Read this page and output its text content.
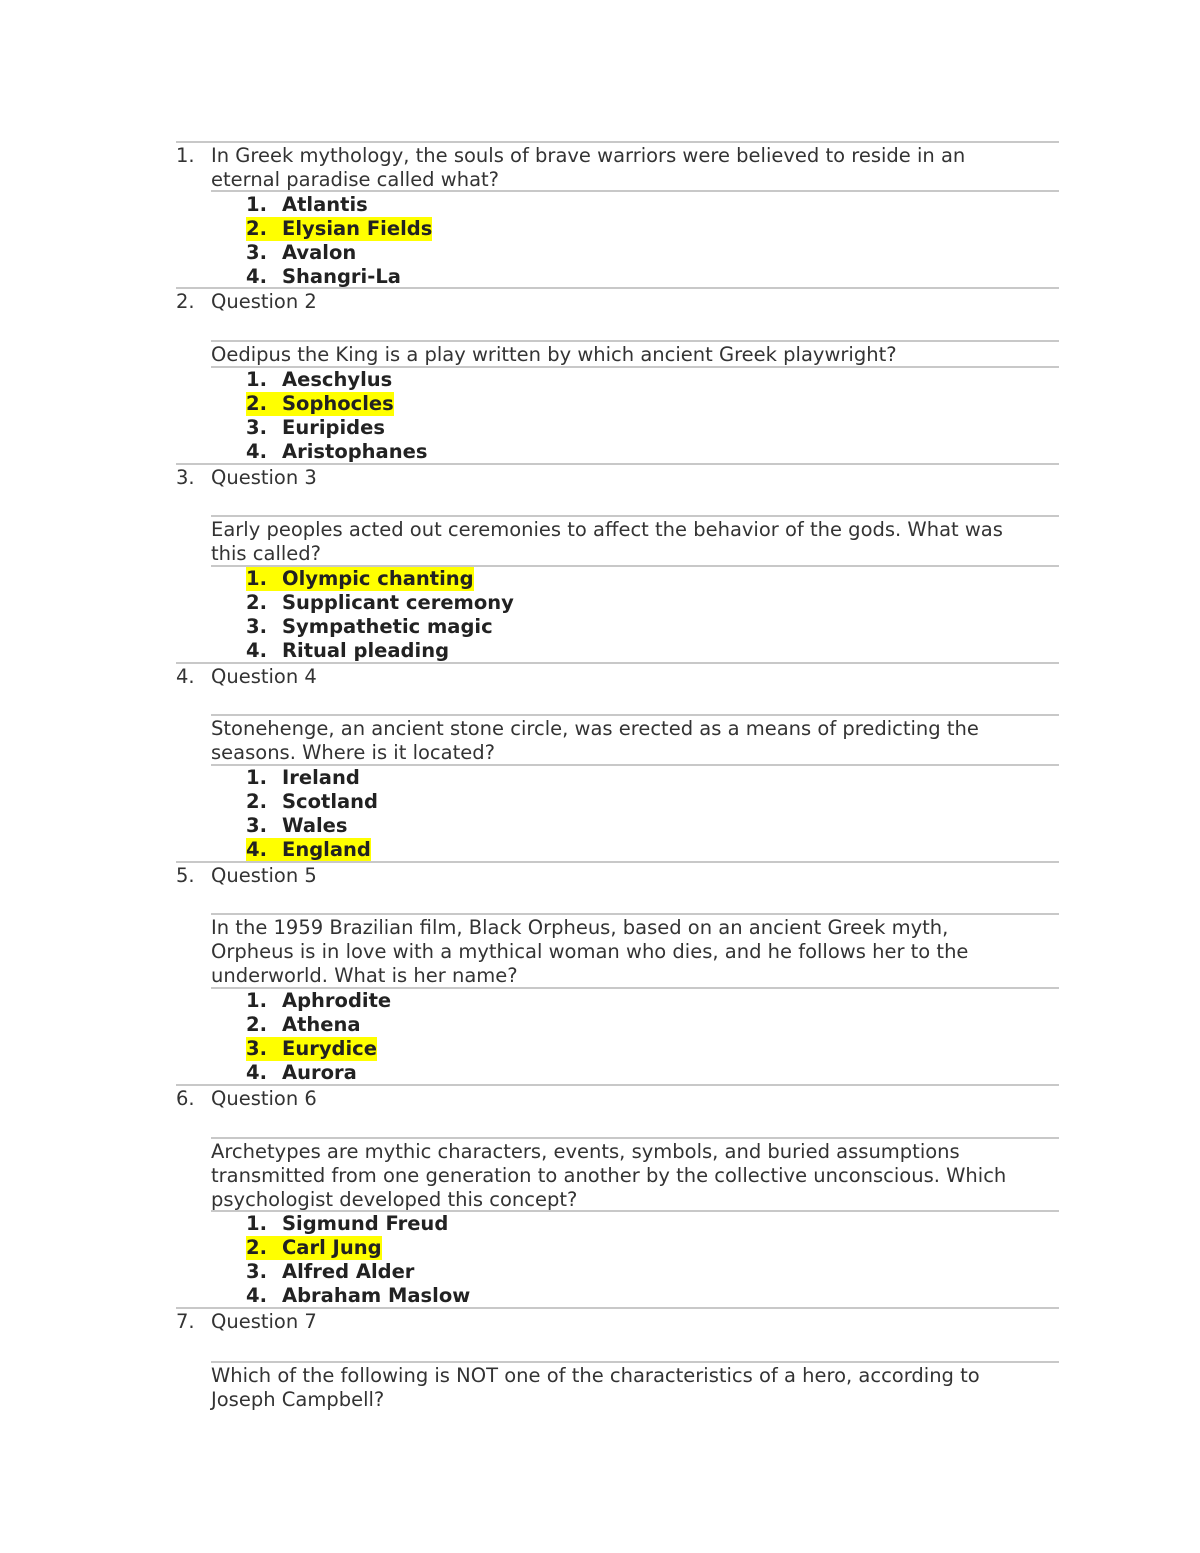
1. In Greek mythology, the souls of brave warriors were believed to reside in an
eternal paradise called what?
1. Atlantis
2. Elysian Fields
3. Avalon
4. Shangri-La
2. Question 2
Oedipus the King is a play written by which ancient Greek playwright?
1. Aeschylus
2. Sophocles
3. Euripides
4. Aristophanes
3. Question 3
Early peoples acted out ceremonies to affect the behavior of the gods. What was
this called?
1. Olympic chanting
2. Supplicant ceremony
3. Sympathetic magic
4. Ritual pleading
4. Question 4
Stonehenge, an ancient stone circle, was erected as a means of predicting the
seasons. Where is it located?
1. Ireland
2. Scotland
3. Wales
4. England
5. Question 5
In the 1959 Brazilian film, Black Orpheus, based on an ancient Greek myth,
Orpheus is in love with a mythical woman who dies, and he follows her to the
underworld. What is her name?
1. Aphrodite
2. Athena
3. Eurydice
4. Aurora
6. Question 6
Archetypes are mythic characters, events, symbols, and buried assumptions
transmitted from one generation to another by the collective unconscious. Which
psychologist developed this concept?
1. Sigmund Freud
2. Carl Jung
3. Alfred Alder
4. Abraham Maslow
7. Question 7
Which of the following is NOT one of the characteristics of a hero, according to
Joseph Campbell?
